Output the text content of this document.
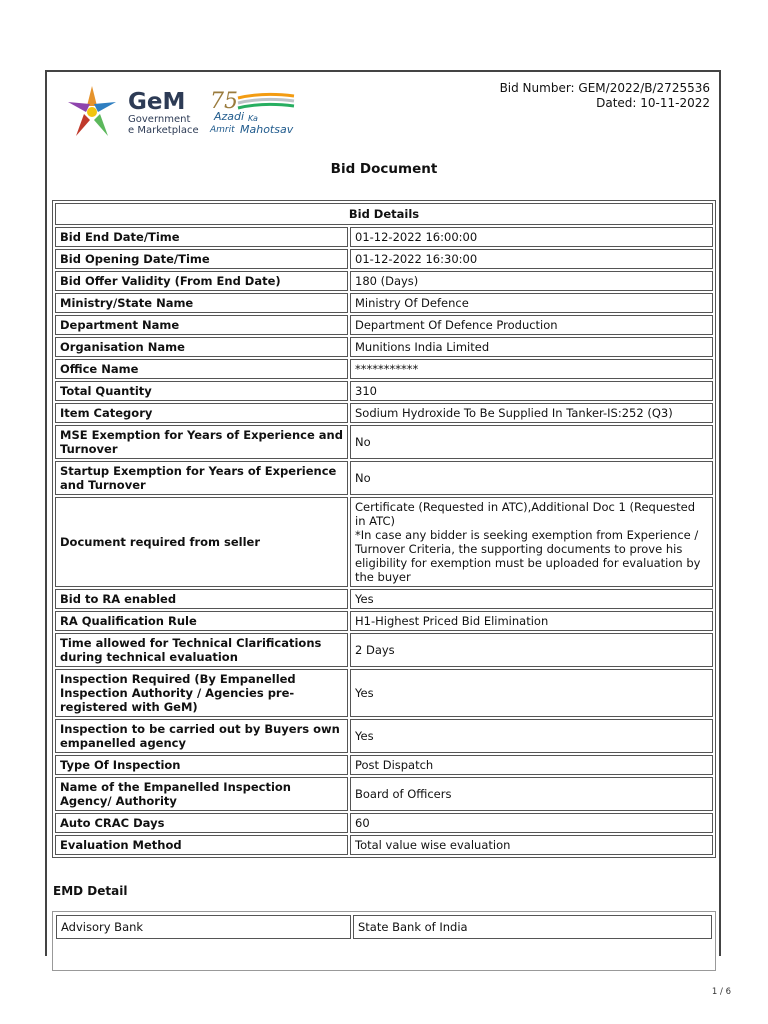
GeM
Government
e Marketplace
75
Azadi Ka
Amrit Mahotsav
Bid Number: GEM/2022/B/2725536
Dated: 10-11-2022
Bid Document
Bid Details	
Bid End Date/Time	01-12-2022 16:00:00
Bid Opening Date/Time	01-12-2022 16:30:00
Bid Offer Validity (From End Date)	180 (Days)
Ministry/State Name	Ministry Of Defence
Department Name	Department Of Defence Production
Organisation Name	Munitions India Limited
Office Name	***********
Total Quantity	310
Item Category	Sodium Hydroxide To Be Supplied In Tanker-IS:252 (Q3)
MSE Exemption for Years of Experience and Turnover	No
Startup Exemption for Years of Experience and Turnover	No
Document required from seller	Certificate (Requested in ATC),Additional Doc 1 (Requested in ATC)
*In case any bidder is seeking exemption from Experience / Turnover Criteria, the supporting documents to prove his eligibility for exemption must be uploaded for evaluation by the buyer

Bid to RA enabled	Yes
RA Qualification Rule	H1-Highest Priced Bid Elimination
Time allowed for Technical Clarifications during technical evaluation	2 Days
Inspection Required (By Empanelled Inspection Authority / Agencies pre-registered with GeM)	Yes
Inspection to be carried out by Buyers own empanelled agency	Yes
Type Of Inspection	Post Dispatch
Name of the Empanelled Inspection Agency/ Authority	Board of Officers
Auto CRAC Days	60
Evaluation Method	Total value wise evaluation
EMD Detail
Advisory Bank	State Bank of India
1 / 6
